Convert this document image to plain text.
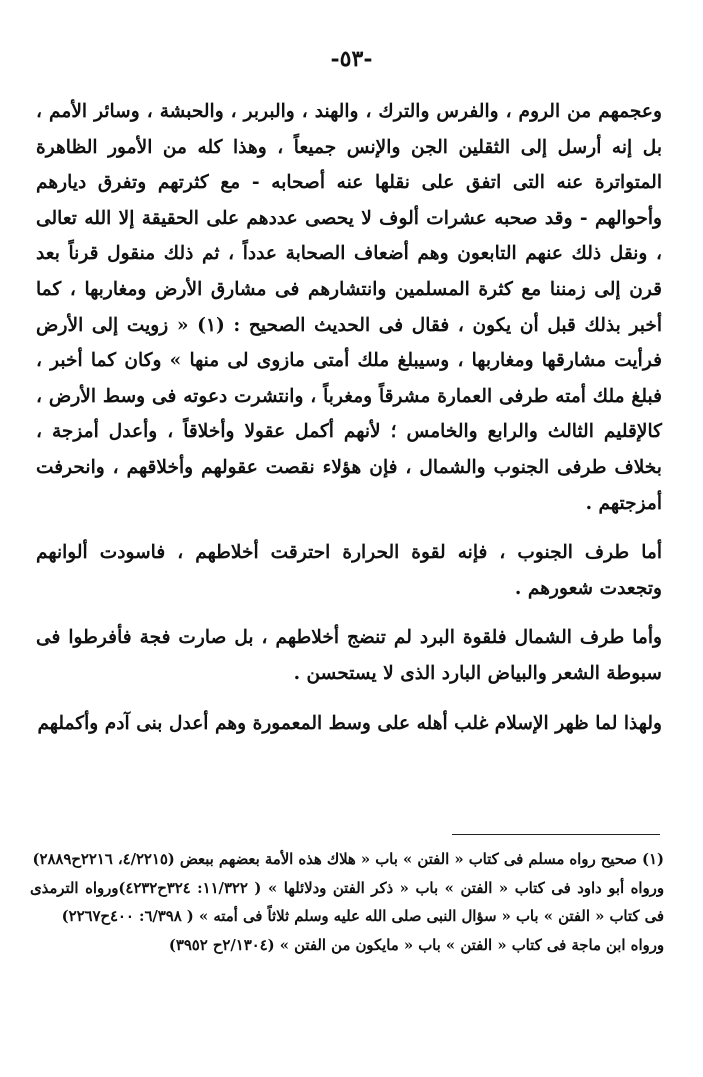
-٥٣-

وعجمهم من الروم ، والفرس والترك ، والهند ، والبربر ، والحبشة ، وسائر الأمم ، بل إنه أرسل إلى الثقلين الجن والإنس جميعاً ، وهذا كله من الأمور الظاهرة المتواترة عنه التى اتفق على نقلها عنه أصحابه - مع كثرتهم وتفرق ديارهم وأحوالهم - وقد صحبه عشرات ألوف لا يحصى عددهم على الحقيقة إلا الله تعالى ، ونقل ذلك عنهم التابعون وهم أضعاف الصحابة عدداً ، ثم ذلك منقول قرناً بعد قرن إلى زمننا مع كثرة المسلمين وانتشارهم فى مشارق الأرض ومغاربها ، كما أخبر بذلك قبل أن يكون ، فقال فى الحديث الصحيح : (١) « زويت إلى الأرض فرأيت مشارقها ومغاربها ، وسيبلغ ملك أمتى مازوى لى منها » وكان كما أخبر ، فبلغ ملك أمته طرفى العمارة مشرقاً ومغرباً ، وانتشرت دعوته فى وسط الأرض ، كالإقليم الثالث والرابع والخامس ؛ لأنهم أكمل عقولا وأخلاقاً ، وأعدل أمزجة ، بخلاف طرفى الجنوب والشمال ، فإن هؤلاء نقصت عقولهم وأخلاقهم ، وانحرفت أمزجتهم .

أما طرف الجنوب ، فإنه لقوة الحرارة احترقت أخلاطهم ، فاسودت ألوانهم وتجعدت شعورهم .

وأما طرف الشمال فلقوة البرد لم تنضج أخلاطهم ، بل صارت فجة فأفرطوا فى سبوطة الشعر والبياض البارد الذى لا يستحسن .

ولهذا لما ظهر الإسلام غلب أهله على وسط المعمورة وهم أعدل بنى آدم وأكملهم

(١) صحيح رواه مسلم فى كتاب « الفتن » باب « هلاك هذه الأمة بعضهم ببعض (٤/٢٢١٥، ٢٢١٦ح٢٨٨٩)

ورواه أبو داود فى كتاب « الفتن » باب « ذكر الفتن ودلائلها » ( ١١/٣٢٢: ٣٢٤ح٤٢٣٢)ورواه الترمذى فى كتاب « الفتن » باب « سؤال النبى صلى الله عليه وسلم ثلاثاً فى أمته » ( ٦/٣٩٨: ٤٠٠ح٢٢٦٧)

ورواه ابن ماجة فى كتاب « الفتن » باب « مايكون من الفتن » (٢/١٣٠٤ح ٣٩٥٢)
